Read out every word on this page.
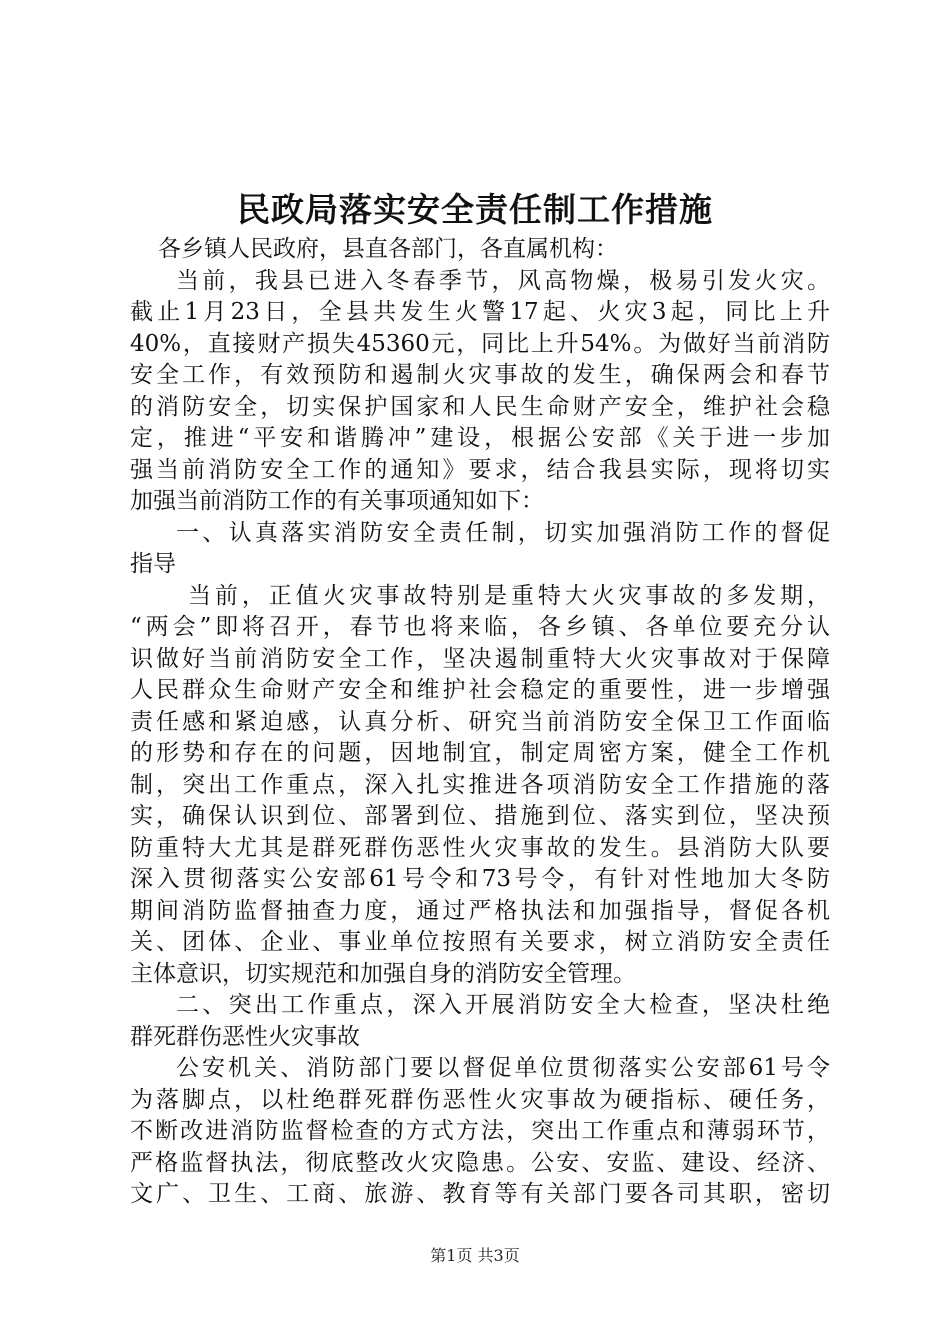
民政局落实安全责任制工作措施
各乡镇人民政府，县直各部门，各直属机构：
当前，我县已进入冬春季节，风高物燥，极易引发火灾。
截止1月23日，全县共发生火警17起、火灾3起，同比上升
40%，直接财产损失45360元，同比上升54%。为做好当前消防
安全工作，有效预防和遏制火灾事故的发生，确保两会和春节
的消防安全，切实保护国家和人民生命财产安全，维护社会稳
定，推进“平安和谐腾冲”建设，根据公安部《关于进一步加
强当前消防安全工作的通知》要求，结合我县实际，现将切实
加强当前消防工作的有关事项通知如下：
一、认真落实消防安全责任制，切实加强消防工作的督促
指导
当前，正值火灾事故特别是重特大火灾事故的多发期，
“两会”即将召开，春节也将来临，各乡镇、各单位要充分认
识做好当前消防安全工作，坚决遏制重特大火灾事故对于保障
人民群众生命财产安全和维护社会稳定的重要性，进一步增强
责任感和紧迫感，认真分析、研究当前消防安全保卫工作面临
的形势和存在的问题，因地制宜，制定周密方案，健全工作机
制，突出工作重点，深入扎实推进各项消防安全工作措施的落
实，确保认识到位、部署到位、措施到位、落实到位，坚决预
防重特大尤其是群死群伤恶性火灾事故的发生。县消防大队要
深入贯彻落实公安部61号令和73号令，有针对性地加大冬防
期间消防监督抽查力度，通过严格执法和加强指导，督促各机
关、团体、企业、事业单位按照有关要求，树立消防安全责任
主体意识，切实规范和加强自身的消防安全管理。
二、突出工作重点，深入开展消防安全大检查，坚决杜绝
群死群伤恶性火灾事故
公安机关、消防部门要以督促单位贯彻落实公安部61号令
为落脚点，以杜绝群死群伤恶性火灾事故为硬指标、硬任务，
不断改进消防监督检查的方式方法，突出工作重点和薄弱环节，
严格监督执法，彻底整改火灾隐患。公安、安监、建设、经济、
文广、卫生、工商、旅游、教育等有关部门要各司其职，密切
第1页 共3页
